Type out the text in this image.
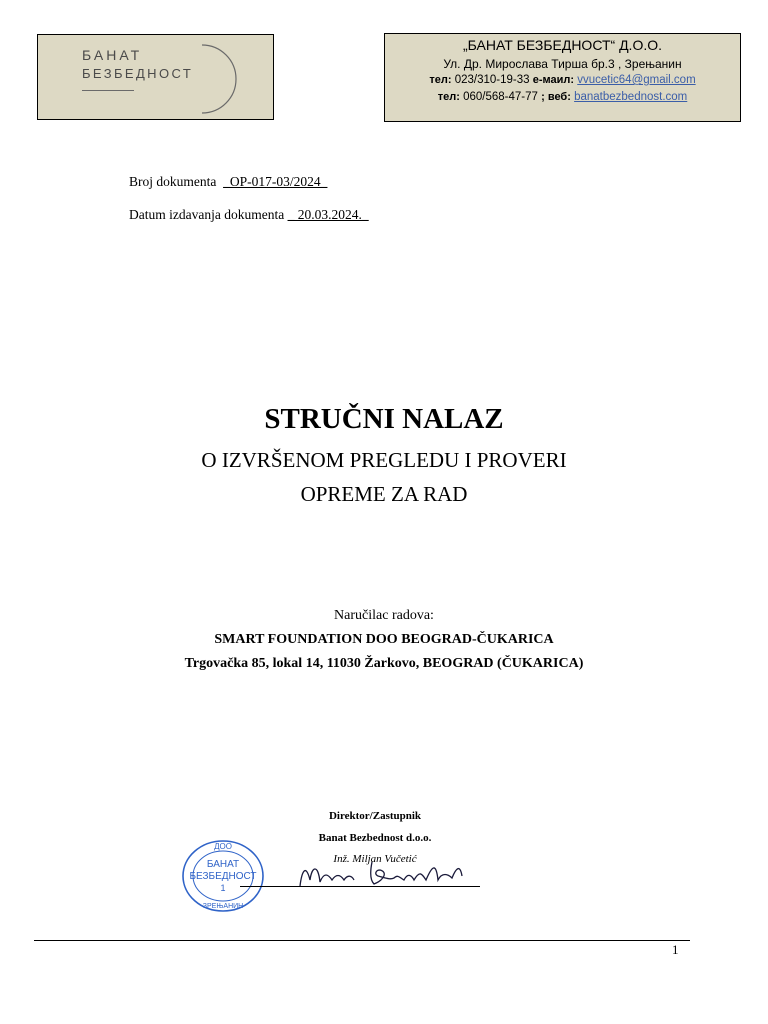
БАНАТ
БЕЗБЕДНОСТ
„БАНАТ БЕЗБЕДНОСТ“ Д.О.О.
Ул. Др. Мирослава Тирша бр.3 , Зрењанин
тел: 023/310-19-33 е-маил: vvucetic64@gmail.com
тел: 060/568-47-77 ; веб: banatbezbednost.com
Broj dokumenta _OP-017-03/2024_
Datum izdavanja dokumenta _ 20.03.2024._
STRUČNI NALAZ
O IZVRŠENOM PREGLEDU I PROVERI
OPREME ZA RAD
Naručilac radova:
SMART FOUNDATION DOO BEOGRAD-ČUKARICA
Trgovačka 85, lokal 14, 11030 Žarkovo, BEOGRAD (ČUKARICA)
Direktor/Zastupnik
Banat Bezbednost d.o.o.
Inž. Miljan Vučetić
ДОО
БАНАТ
БЕЗБЕДНОСТ
1
ЗРЕЊАНИН
1
